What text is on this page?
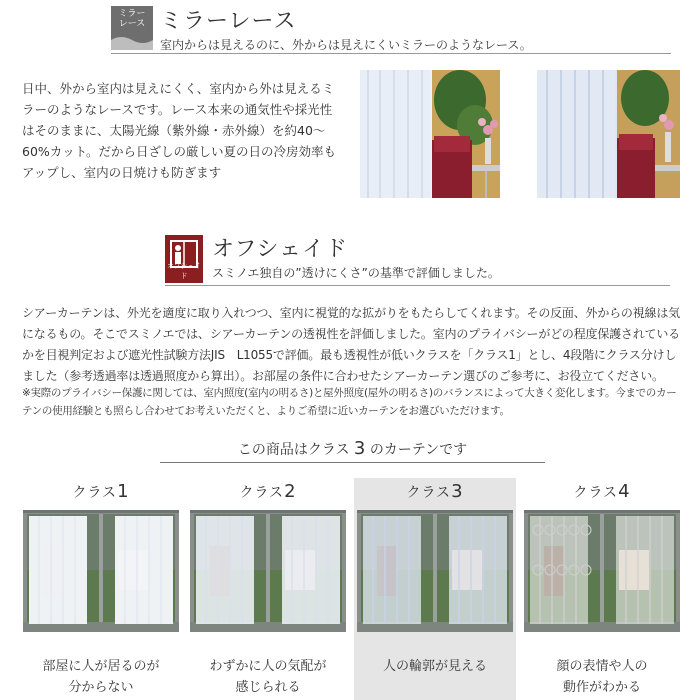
ミラー
レース ミラーレース
室内からは見えるのに、外からは見えにくいミラーのようなレース。
日中、外から室内は見えにくく、室内から外は見えるミラーのようなレースです。レース本来の通気性や採光性はそのままに、太陽光線（紫外線・赤外線）を約40〜60%カット。だから日ざしの厳しい夏の日の冷房効率もアップし、室内の日焼けも防ぎます
オフシェイド
オフシェイド
スミノエ独自の”透けにくさ”の基準で評価しました。
シアーカーテンは、外光を適度に取り入れつつ、室内に視覚的な拡がりをもたらしてくれます。その反面、外からの視線は気になるもの。そこでスミノエでは、シアーカーテンの透視性を評価しました。室内のプライバシーがどの程度保護されているかを目視判定および遮光性試験方法JIS　L1055で評価。最も透視性が低いクラスを「クラス1」とし、4段階にクラス分けしました（参考透過率は透過照度から算出）。お部屋の条件に合わせたシアーカーテン選びのご参考に、お役立てください。
※実際のプライバシー保護に関しては、室内照度(室内の明るさ)と屋外照度(屋外の明るさ)のバランスによって大きく変化します。今までのカーテンの使用経験とも照らし合わせてお考えいただくと、よりご希望に近いカーテンをお選びいただけます。
この商品はクラス 3 のカーテンです
クラス1
部屋に人が居るのが
分からない
クラス2
わずかに人の気配が
感じられる
クラス3
人の輪郭が見える
クラス4
顔の表情や人の
動作がわかる
